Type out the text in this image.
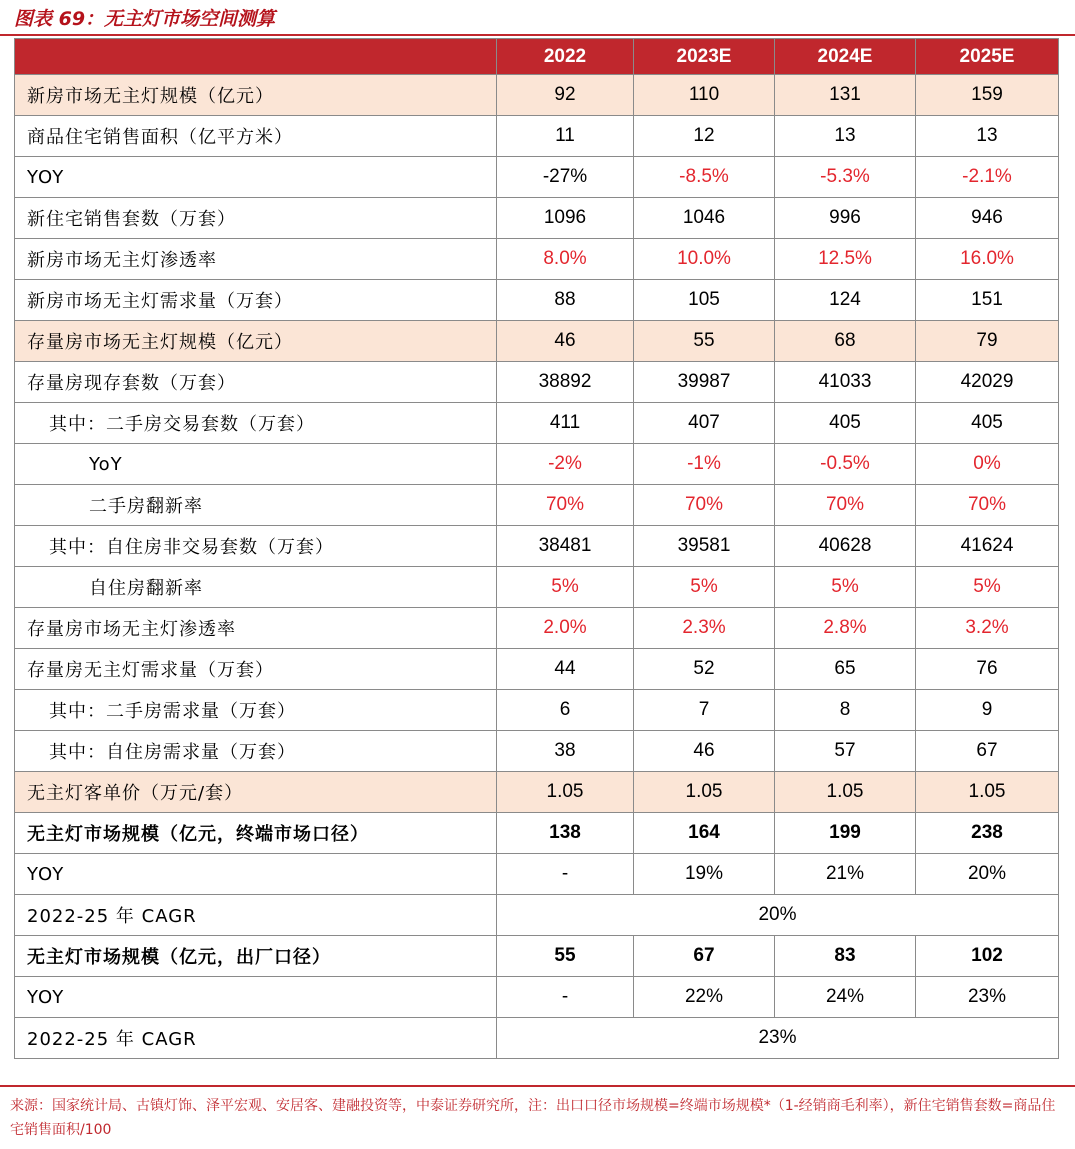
图表 69：无主灯市场空间测算
	2022	2023E	2024E	2025E
新房市场无主灯规模（亿元）	92	110	131	159
商品住宅销售面积（亿平方米）	11	12	13	13
YOY	-27%	-8.5%	-5.3%	-2.1%
新住宅销售套数（万套）	1096	1046	996	946
新房市场无主灯渗透率	8.0%	10.0%	12.5%	16.0%
新房市场无主灯需求量（万套）	88	105	124	151
存量房市场无主灯规模（亿元）	46	55	68	79
存量房现存套数（万套）	38892	39987	41033	42029
其中：二手房交易套数（万套）	411	407	405	405
YoY	-2%	-1%	-0.5%	0%
二手房翻新率	70%	70%	70%	70%
其中：自住房非交易套数（万套）	38481	39581	40628	41624
自住房翻新率	5%	5%	5%	5%
存量房市场无主灯渗透率	2.0%	2.3%	2.8%	3.2%
存量房无主灯需求量（万套）	44	52	65	76
其中：二手房需求量（万套）	6	7	8	9
其中：自住房需求量（万套）	38	46	57	67
无主灯客单价（万元/套）	1.05	1.05	1.05	1.05
无主灯市场规模（亿元，终端市场口径）	138	164	199	238
YOY	-	19%	21%	20%
2022-25 年 CAGR	20%			
无主灯市场规模（亿元，出厂口径）	55	67	83	102
YOY	-	22%	24%	23%
2022-25 年 CAGR	23%			
来源：国家统计局、古镇灯饰、泽平宏观、安居客、建融投资等，中泰证券研究所，注：出口口径市场规模=终端市场规模*（1-经销商毛利率），新住宅销售套数=商品住宅销售面积/100
